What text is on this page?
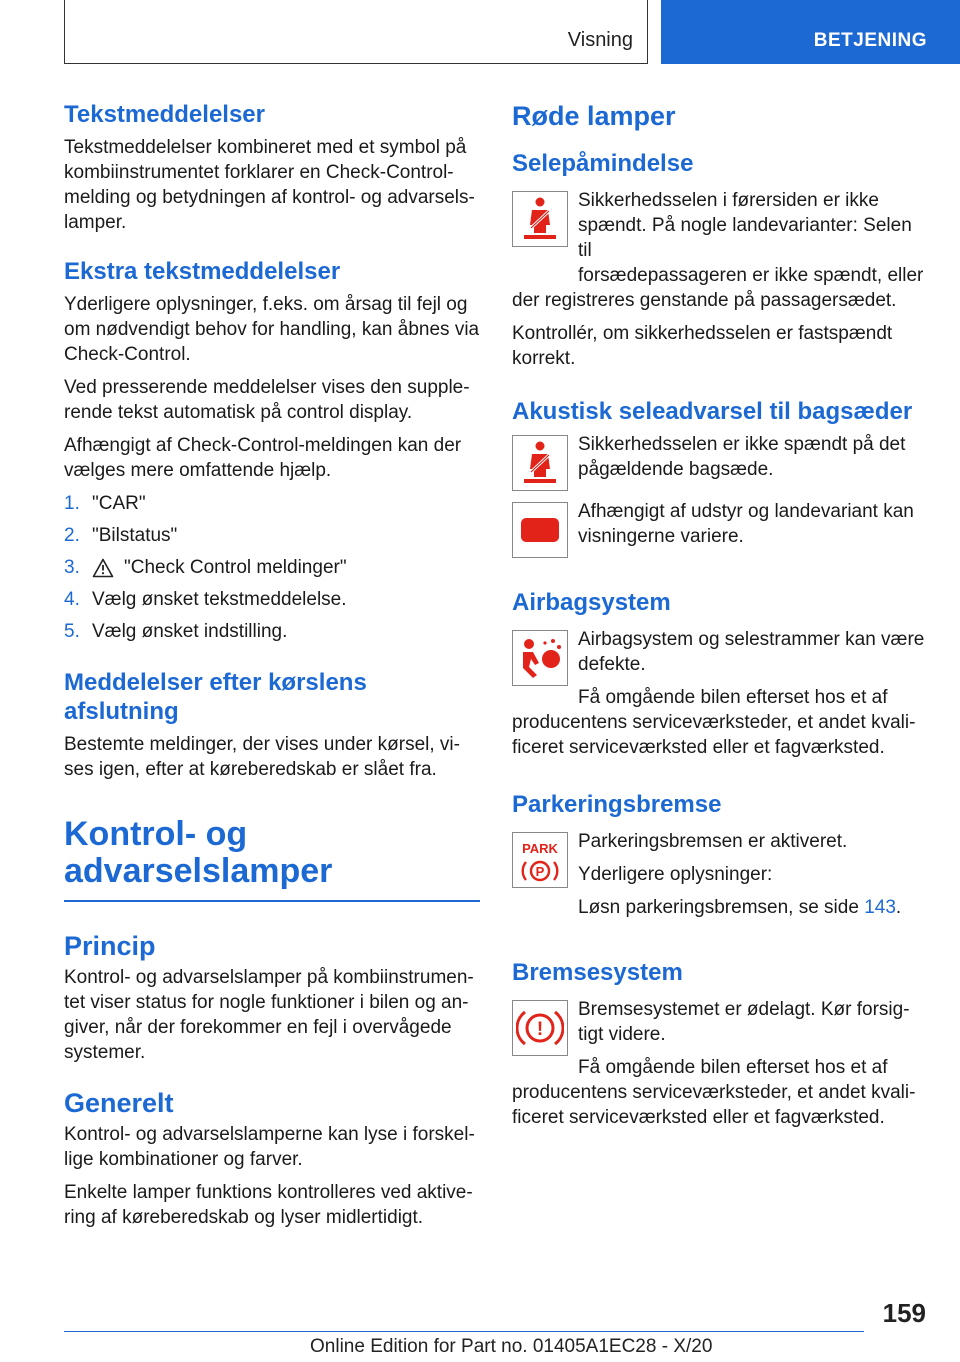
Visning	BETJENING
Tekstmeddelelser

Tekstmeddelelser kombineret med et symbol på
kombiinstrumentet forklarer en Check-Control-
melding og betydningen af kontrol- og advarsels-
lamper.

Ekstra tekstmeddelelser

Yderligere oplysninger, f.eks. om årsag til fejl og
om nødvendigt behov for handling, kan åbnes via
Check-Control.

Ved presserende meddelelser vises den supple-
rende tekst automatisk på control display.

Afhængigt af Check-Control-meldingen kan der
vælges mere omfattende hjælp.

1. "CAR"
2. "Bilstatus"
3.	"Check Control meldinger"
4. Vælg ønsket tekstmeddelelse.
5. Vælg ønsket indstilling.
Meddelelser efter kørslens
afslutning

Bestemte meldinger, der vises under kørsel, vi-
ses igen, efter at køreberedskab er slået fra.

Kontrol- og
advarselslamper
Princip

Kontrol- og advarselslamper på kombiinstrumen-
tet viser status for nogle funktioner i bilen og an-
giver, når der forekommer en fejl i overvågede
systemer.

Generelt

Kontrol- og advarselslamperne kan lyse i forskel-
lige kombinationer og farver.

Enkelte lamper funktions kontrolleres ved aktive-
ring af køreberedskab og lyser midlertidigt.

Røde lamper
Selepåmindelse

Sikkerhedsselen i førersiden er ikke
spændt. På nogle landevarianter: Selen til
forsædepassageren er ikke spændt, eller

der registreres genstande på passagersædet.

Kontrollér, om sikkerhedsselen er fastspændt
korrekt.

Akustisk seleadvarsel til bagsæder

Sikkerhedsselen er ikke spændt på det
pågældende bagsæde.

Afhængigt af udstyr og landevariant kan
visningerne variere.

Airbagsystem

Airbagsystem og selestrammer kan være
defekte.

Få omgående bilen efterset hos et af

producentens serviceværksteder, et andet kvali-
ficeret serviceværksted eller et fagværksted.

Parkeringsbremse
PARK
P

Parkeringsbremsen er aktiveret.

Yderligere oplysninger:

Løsn parkeringsbremsen, se side 143.

Bremsesystem
!

Bremsesystemet er ødelagt. Kør forsig-
tigt videre.

Få omgående bilen efterset hos et af

producentens serviceværksteder, et andet kvali-
ficeret serviceværksted eller et fagværksted.

159
Online Edition for Part no. 01405A1EC28 - X/20
